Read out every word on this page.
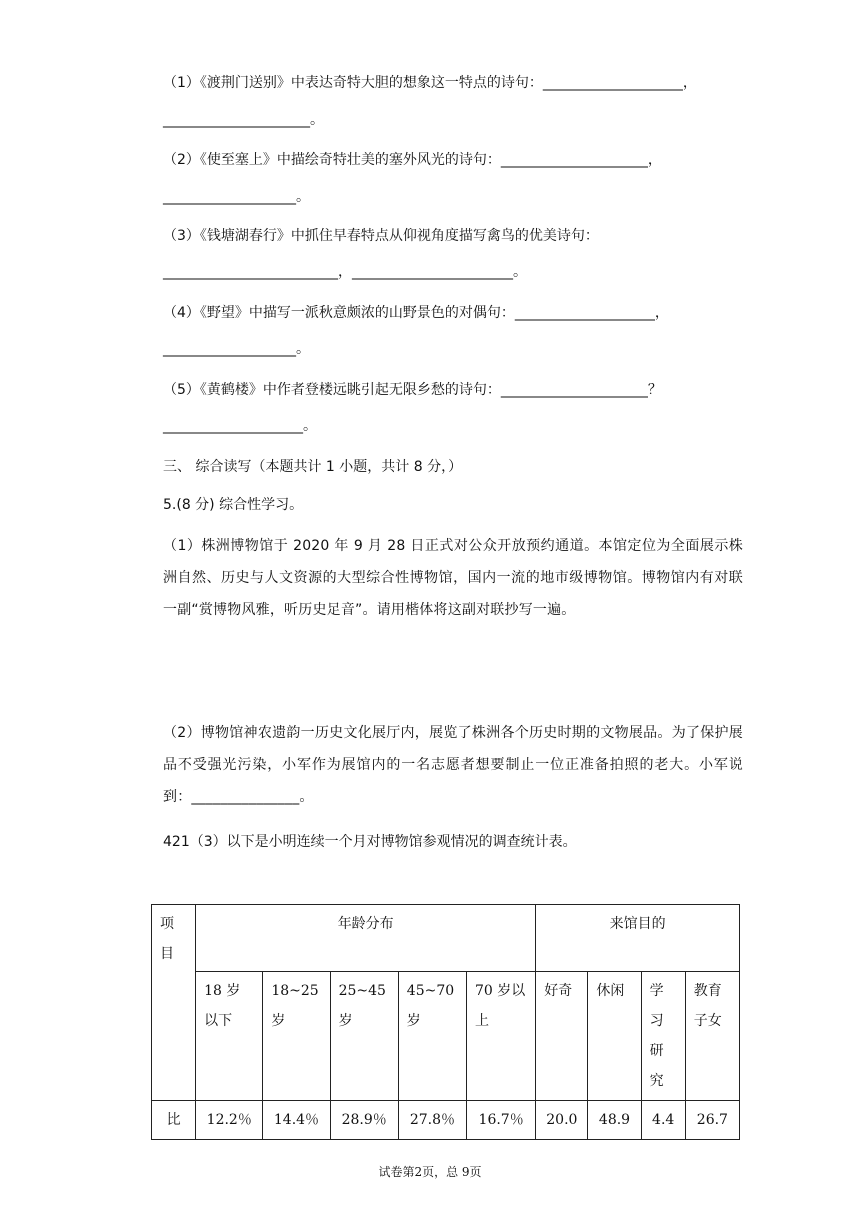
（1）《渡荆门送别》中表达奇特大胆的想象这一特点的诗句：____________________，
_____________________。
（2）《使至塞上》中描绘奇特壮美的塞外风光的诗句：_____________________，
___________________。
（3）《钱塘湖春行》中抓住早春特点从仰视角度描写禽鸟的优美诗句：
_________________________，_______________________。
（4）《野望》中描写一派秋意颇浓的山野景色的对偶句：____________________，
___________________。
（5）《黄鹤楼》中作者登楼远眺引起无限乡愁的诗句：_____________________？
____________________。
三、 综合读写（本题共计 1 小题，共计 8 分，）
5.(8 分) 综合性学习。
（1）株洲博物馆于 2020 年 9 月 28 日正式对公众开放预约通道。本馆定位为全面展示株洲自然、历史与人文资源的大型综合性博物馆，国内一流的地市级博物馆。博物馆内有对联一副“赏博物风雅，听历史足音”。请用楷体将这副对联抄写一遍。
（2）博物馆神农遗韵一历史文化展厅内，展览了株洲各个历史时期的文物展品。为了保护展品不受强光污染，小军作为展馆内的一名志愿者想要制止一位正准备拍照的老大。小军说到：_______________。
421（3）以下是小明连续一个月对博物馆参观情况的调查统计表。
项目	年龄分布					来馆目的			
	18 岁以下	18~25 岁	25~45 岁	45~70 岁	70 岁以上	好奇	休闲	学习研究	教育子女
比	12.2％	14.4％	28.9％	27.8％	16.7％	20.0	48.9	4.4	26.7
试卷第2页，总 9页
